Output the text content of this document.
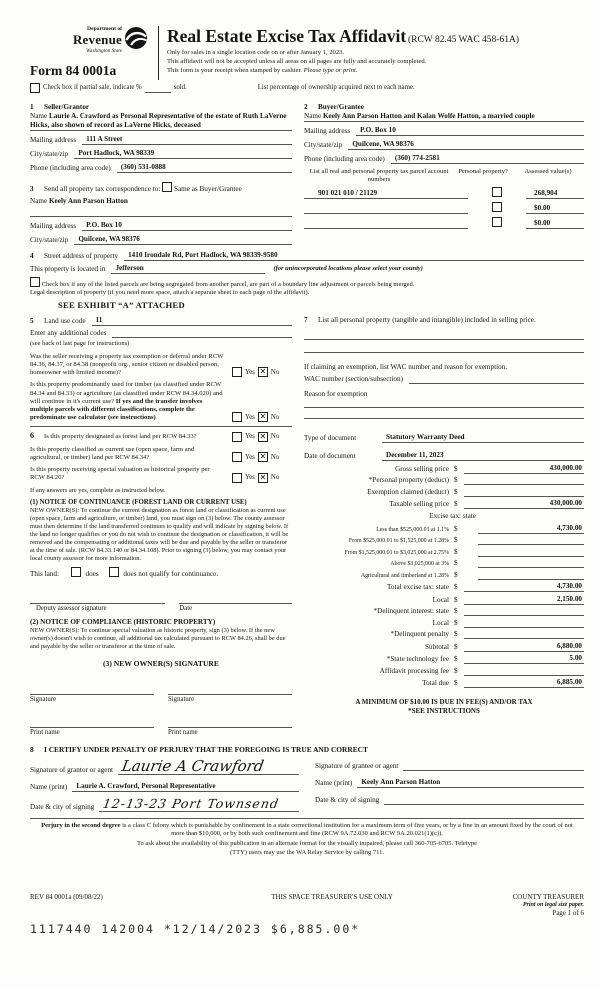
Department of
Revenue
Washington State
Form 84 0001a
Real Estate Excise Tax Affidavit (RCW 82.45 WAC 458-61A)
Only for sales in a single location code on or after January 1, 2023.
This affidavit will not be accepted unless all areas on all pages are fully and accurately completed.
This form is your receipt when stamped by cashier. Please type or print.
Check box if partial sale, indicate %	sold.	List percentage of ownership acquired next to each name.
1 Seller/Grantor
Name Laurie A. Crawford as Personal Representative of the estate of Ruth LaVerne Hicks, also shown of record as LaVerne Hicks, deceased
Mailing address	111 A Street
City/state/zip	Port Hadlock, WA 98339
Phone (including area code)	(360) 531-0888
3 Send all property tax correspondence to: Same as Buyer/Grantee
Name Keely Ann Parson Hatton
Mailing address	P.O. Box 10
City/state/zip	Quilcene, WA 98376
2 Buyer/Grantee
Name Keely Ann Parson Hatton and Kalan Wolfe Hatton, a married couple
Mailing address	P.O. Box 10
City/state/zip	Quilcene, WA 98376
Phone (including area code)	(360) 774-2581
List all real and personal property tax parcel account numbers
Personal property?	Assessed value(s)
901 021 010 / 21129	268,904
$0.00
$0.00
4	Street address of property	1410 Irondale Rd, Port Hadlock, WA 98339-9580
This property is located in	Jefferson	(for unincorporated locations please select your county)
Check box if any of the listed parcels are being segregated from another parcel, are part of a boundary line adjustment or parcels being merged.
Legal description of property (if you need more space, attach a separate sheet to each page of the affidavit).
SEE EXHIBIT “A” ATTACHED
5	Land use code	11
Enter any additional codes
(see back of last page for instructions)
Was the seller receiving a property tax exemption or deferral under RCW 84.36, 84.37, or 84.38 (nonprofit org., senior citizen or disabled person, homeowner with limited income)?	Yes ✕ No
Is this property predominantly used for timber (as classified under RCW 84.34 and 84.33) or agriculture (as classified under RCW 84.34.020) and will continue in it's current use? If yes and the transfer involves multiple parcels with different classifications, complete the predominate use calculator (see instructions)	Yes ✕ No
6 Is this property designated as forest land per RCW 84.33?	Yes ✕ No
Is this property classified as current use (open space, farm and agricultural, or timber) land per RCW 84.34?	Yes ✕ No
Is this property receiving special valuation as historical property per RCW 84.26?	Yes ✕ No
If any answers are yes, complete as instructed below.
(1) NOTICE OF CONTINUANCE (FOREST LAND OR CURRENT USE)
NEW OWNER(S): To continue the current designation as forest land or classification as current use (open space, farm and agriculture, or timber) land, you must sign on (3) below. The county assessor must then determine if the land transferred continues to qualify and will indicate by signing below. If the land no longer qualifies or you do not wish to continue the designation or classification, it will be removed and the compensating or additional taxes will be due and payable by the seller or transferor at the time of sale. (RCW 84.33.140 or 84.34.108). Prior to signing (3) below, you may contact your local county assessor for more information.
This land:	does	does not qualify for continuance.
Deputy assessor signature	Date
(2) NOTICE OF COMPLIANCE (HISTORIC PROPERTY)
NEW OWNER(S): To continue special valuation as historic property, sign (3) below. If the new owner(s) doesn't wish to continue, all additional tax calculated pursuant to RCW 84.26, shall be due and payable by the seller or transferor at the time of sale.
(3) NEW OWNER(S) SIGNATURE
Signature	Signature
Print name	Print name
7	List all personal property (tangible and intangible) included in selling price.
If claiming an exemption, list WAC number and reason for exemption.
WAC number (section/subsection)
Reason for exemption
Type of document	Statutory Warranty Deed
Date of document	December 11, 2023
Gross selling price $	430,000.00
*Personal property (deduct) $
Exemption claimed (deduct) $
Taxable selling price $	430,000.00
Excise tax: state
Less than $525,000.01 at 1.1% $	4,730.00
From $525,000.01 to $1,525,000 at 1.28% $
From $1,525,000.01 to $3,025,000 at 2.75% $
Above $3,025,000 at 3% $
Agricultural and timberland at 1.28% $
Total excise tax: state $	4,730.00
Local $	2,150.00
*Delinquent interest: state $
Local $
*Delinquent penalty $
Subtotal $	6,880.00
*State technology fee $	5.00
Affidavit processing fee $
Total due $	6,885.00
A MINIMUM OF $10.00 IS DUE IN FEE(S) AND/OR TAX
*SEE INSTRUCTIONS
8 I CERTIFY UNDER PENALTY OF PERJURY THAT THE FOREGOING IS TRUE AND CORRECT
Signature of grantor or agent Laurie A Crawford
Name (print)	Laurie A. Crawford, Personal Representative
Date & city of signing 12-13-23 Port Townsend
Signature of grantee or agent
Name (print)	Keely Ann Parson Hatton
Date & city of signing

Perjury in the second degree is a class C felony which is punishable by confinement in a state correctional institution for a maximum term of five years, or by a fine in an amount fixed by the court of not more than $10,000, or by both such confinement and fine (RCW 9A.72.030 and RCW 9A.20.021(1)(c)).

To ask about the availability of this publication in an alternate format for the visually impaired, please call 360-705-6705. Teletype

(TTY) users may use the WA Relay Service by calling 711.

REV 84 0001a (09/08/22)	THIS SPACE TREASURER'S USE ONLY	COUNTY TREASURER
Print on legal size paper.
Page 1 of 6
1117440 142004 *12/14/2023 $6,885.00*
